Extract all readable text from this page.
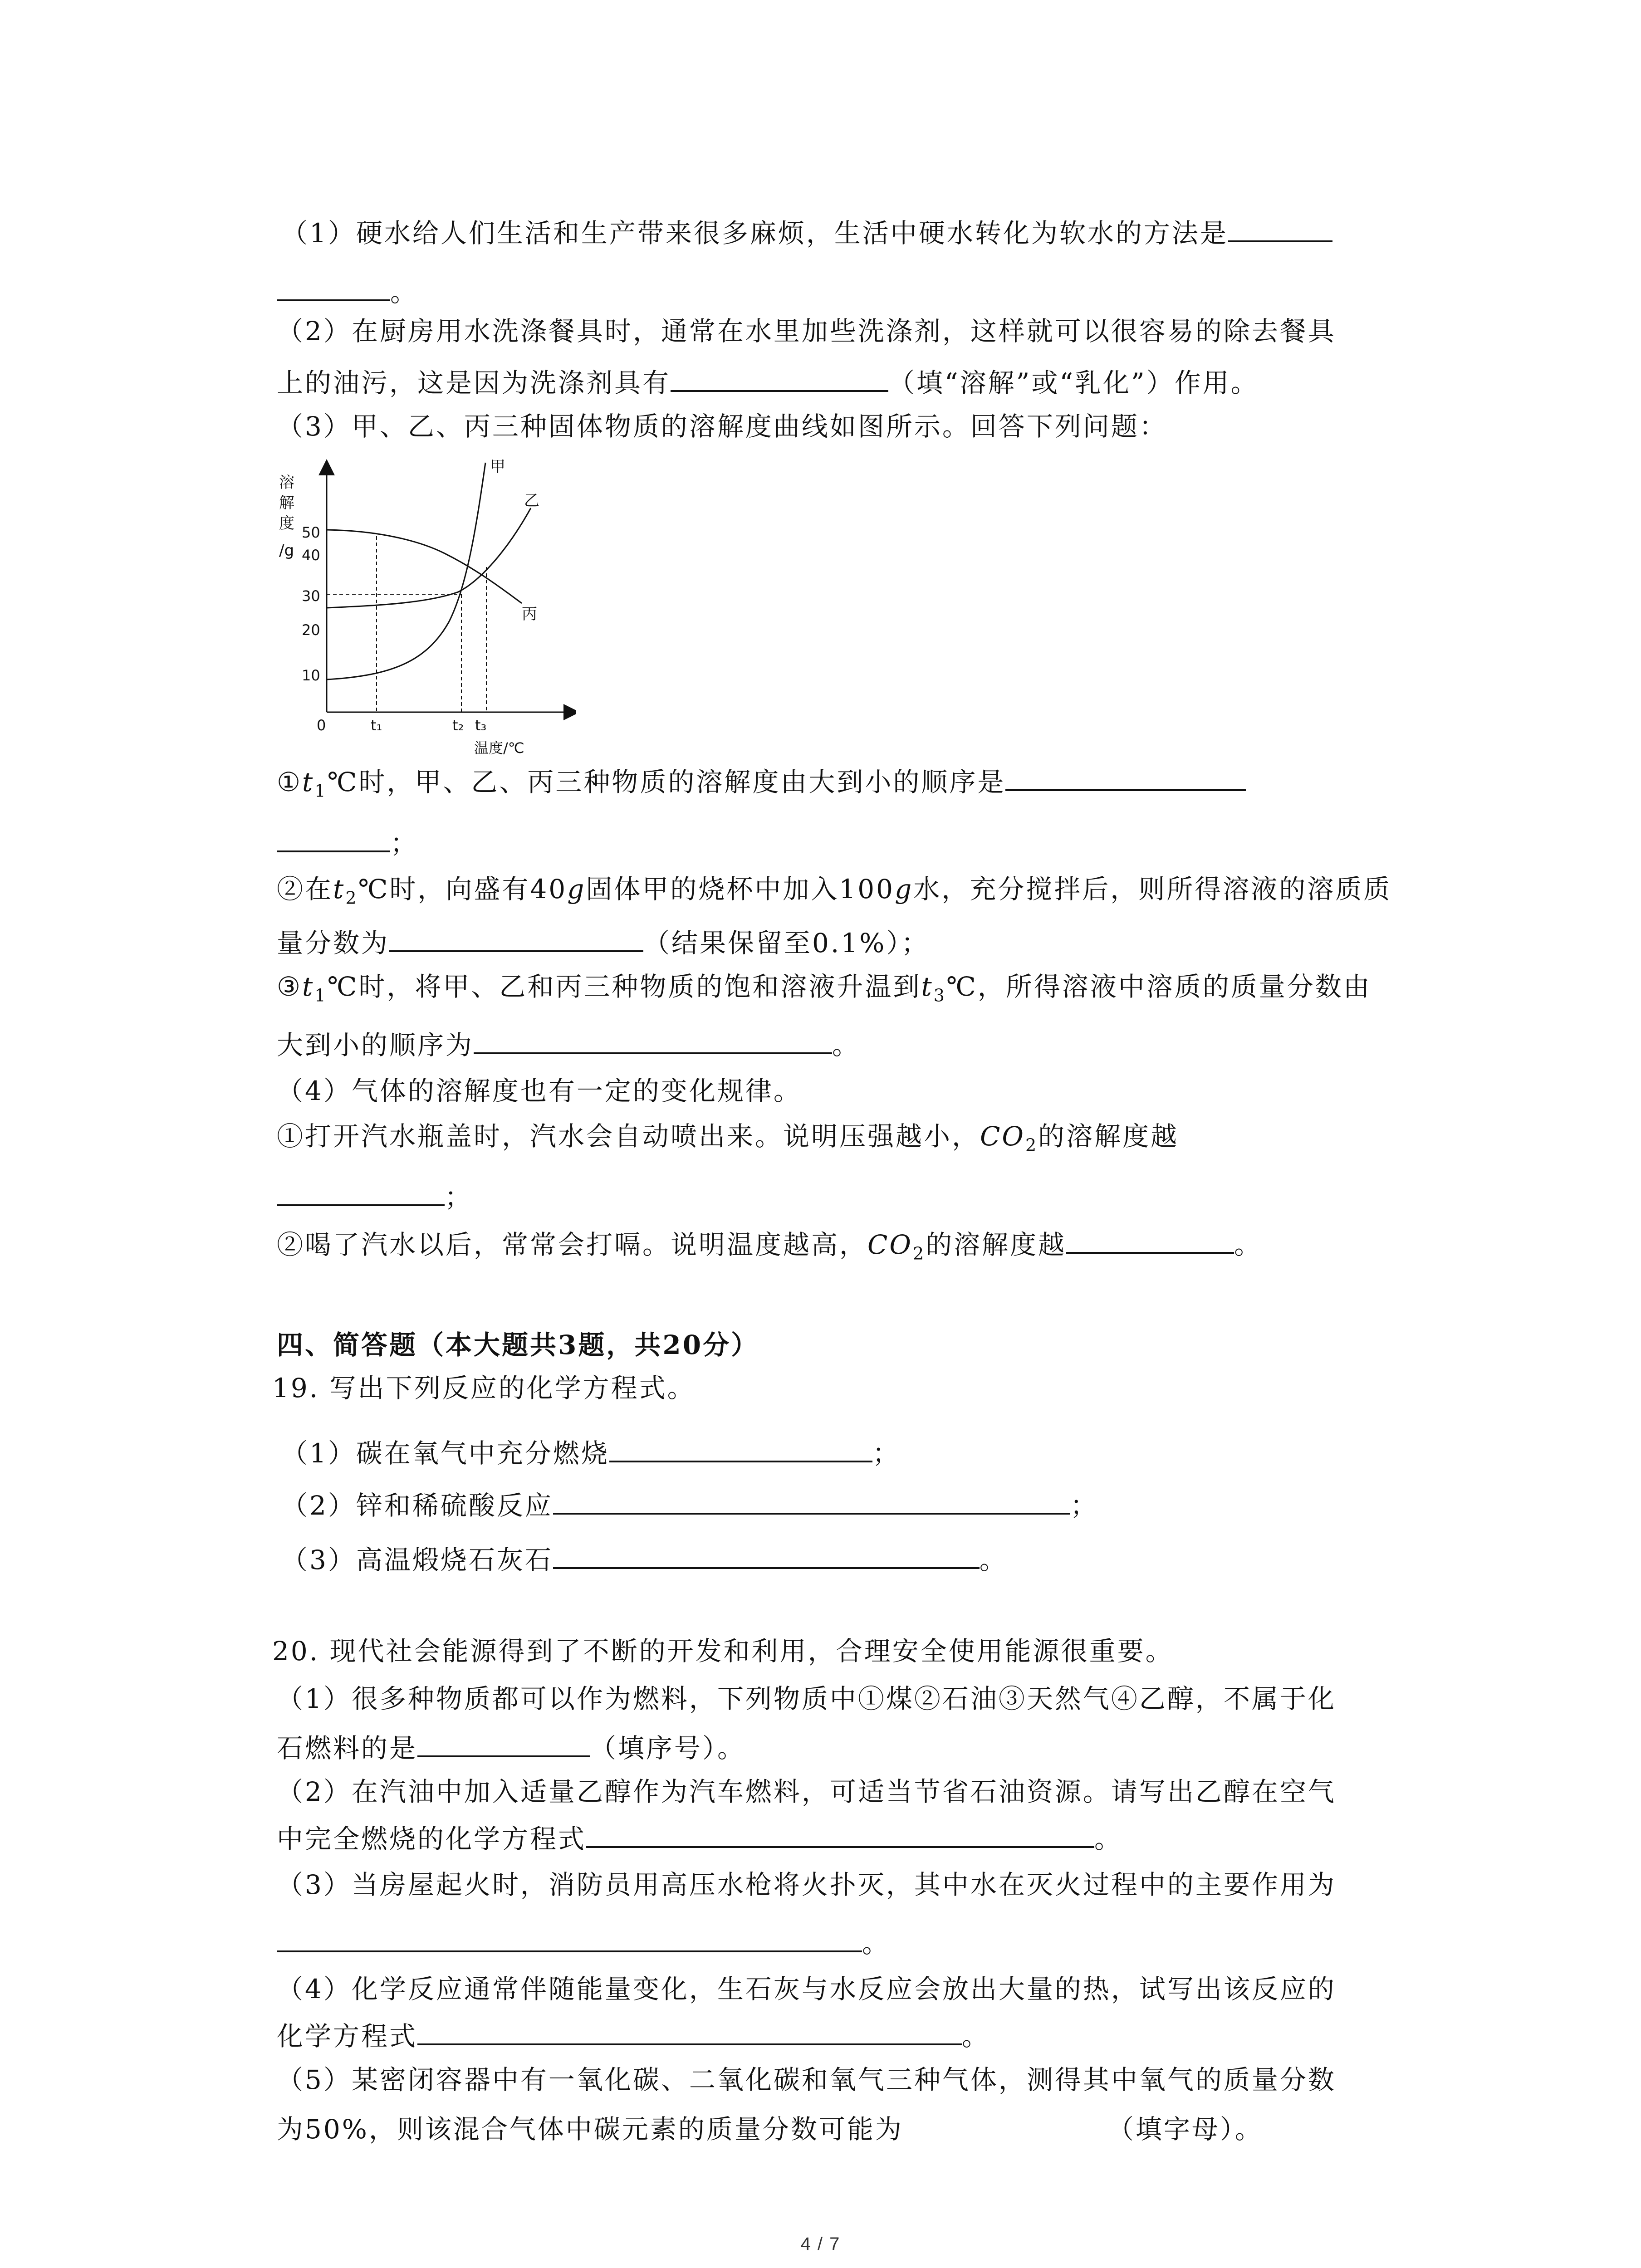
（1）硬水给人们生活和生产带来很多麻烦，生活中硬水转化为软水的方法是
。
（2）在厨房用水洗涤餐具时，通常在水里加些洗涤剂，这样就可以很容易的除去餐具
上的油污，这是因为洗涤剂具有	（填“溶解”或“乳化”）作用。
（3）甲、乙、丙三种固体物质的溶解度曲线如图所示。回答下列问题：
溶
解
度
/g
10
20
30
40
50
0	t₁	t₂ t₃
温度/℃
甲
乙
丙
$①t_1℃$时，甲、乙、丙三种物质的溶解度由大到小的顺序是
；
②在$t_2℃$时，向盛有40g固体甲的烧杯中加入100g水，充分搅拌后，则所得溶液的溶质质
量分数为	（结果保留至0.1%）；
$③t_1℃$时，将甲、乙和丙三种物质的饱和溶液升温到$t_3℃$，所得溶液中溶质的质量分数由
大到小的顺序为	。
（4）气体的溶解度也有一定的变化规律。
①打开汽水瓶盖时，汽水会自动喷出来。说明压强越小，$CO_2$的溶解度越
；
②喝了汽水以后，常常会打嗝。说明温度越高，$CO_2$的溶解度越	。
四、简答题（本大题共3题，共20分）
19. 写出下列反应的化学方程式。
（1）碳在氧气中充分燃烧	；
（2）锌和稀硫酸反应	；
（3）高温煅烧石灰石	。
20. 现代社会能源得到了不断的开发和利用，合理安全使用能源很重要。
（1）很多种物质都可以作为燃料，下列物质中①煤②石油③天然气④乙醇，不属于化
石燃料的是	（填序号）。
（2）在汽油中加入适量乙醇作为汽车燃料，可适当节省石油资源。请写出乙醇在空气
中完全燃烧的化学方程式	。
（3）当房屋起火时，消防员用高压水枪将火扑灭，其中水在灭火过程中的主要作用为
。
（4）化学反应通常伴随能量变化，生石灰与水反应会放出大量的热，试写出该反应的
化学方程式	。
（5）某密闭容器中有一氧化碳、二氧化碳和氧气三种气体，测得其中氧气的质量分数
为50%，则该混合气体中碳元素的质量分数可能为	（填字母）。
4 / 7
